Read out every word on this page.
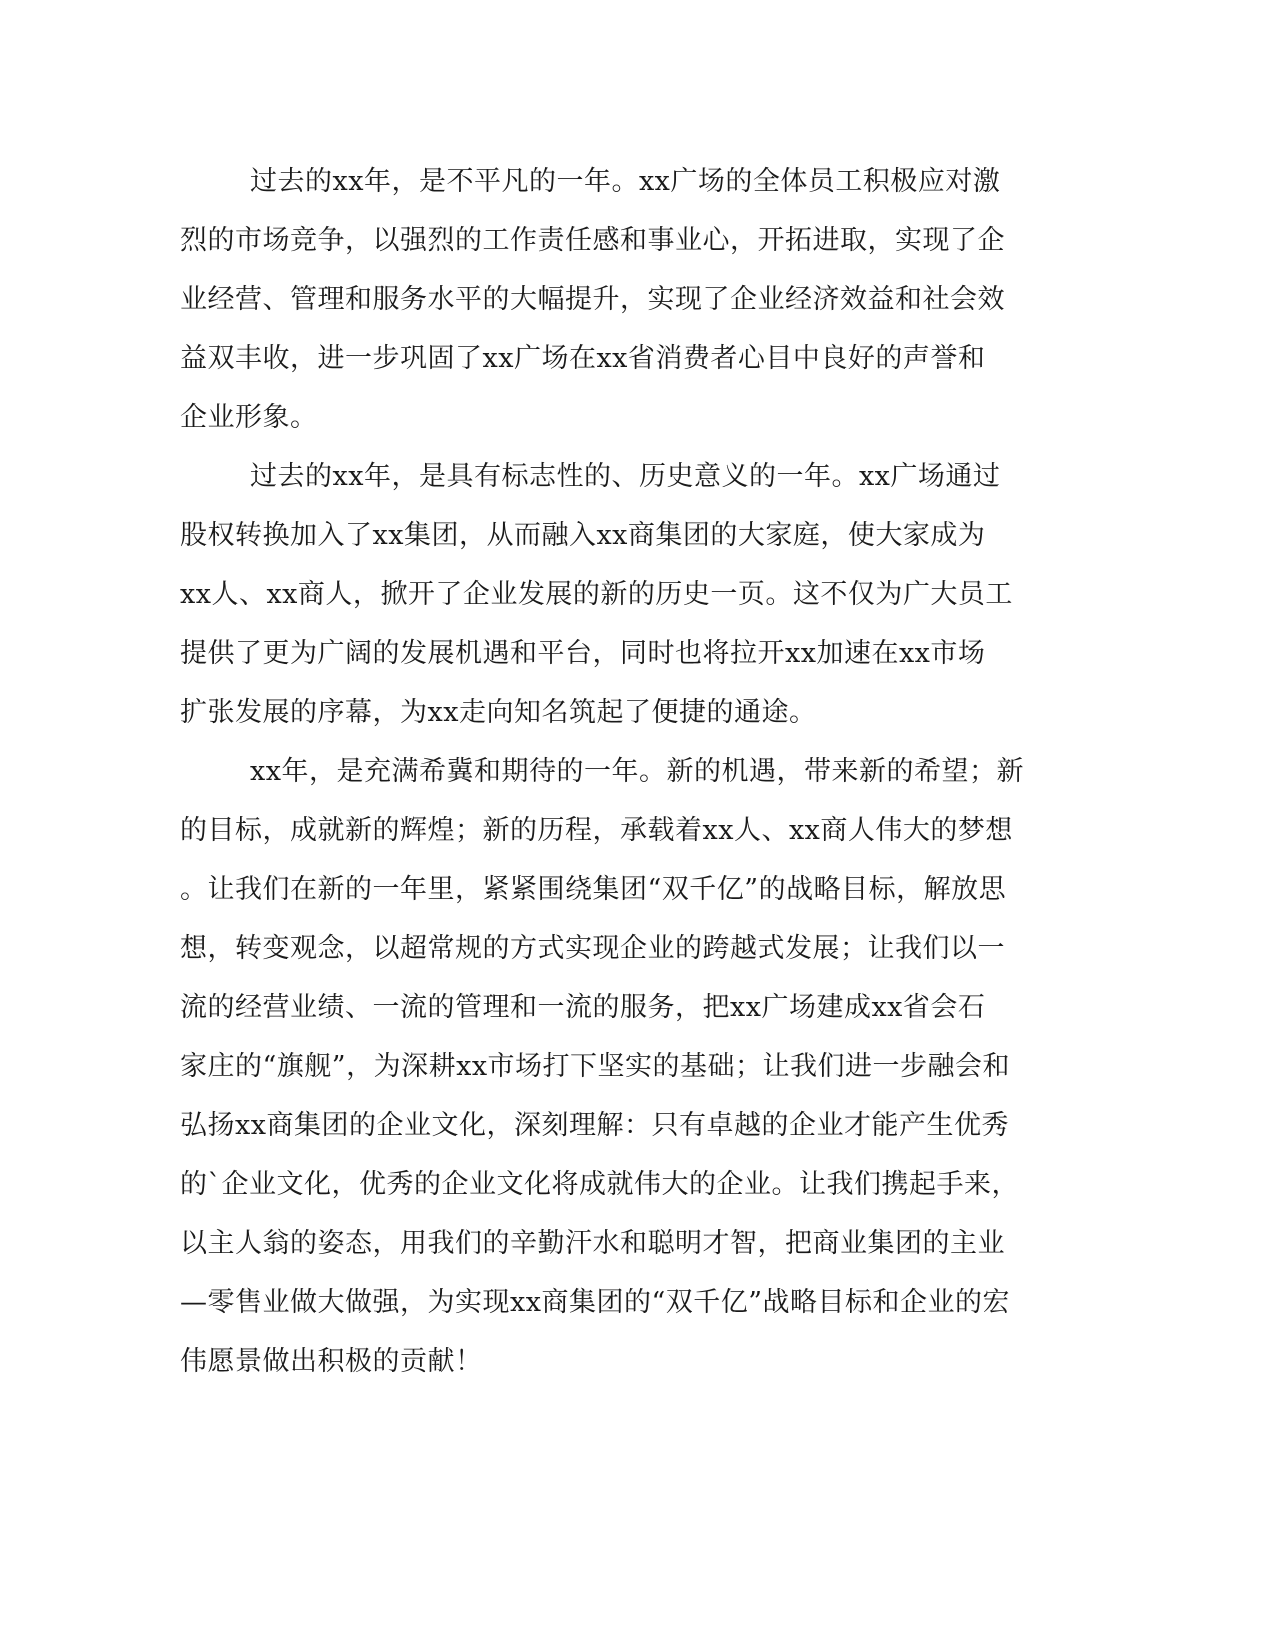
过去的xx年，是不平凡的一年。xx广场的全体员工积极应对激
烈的市场竞争，以强烈的工作责任感和事业心，开拓进取，实现了企
业经营、管理和服务水平的大幅提升，实现了企业经济效益和社会效
益双丰收，进一步巩固了xx广场在xx省消费者心目中良好的声誉和
企业形象。
过去的xx年，是具有标志性的、历史意义的一年。xx广场通过
股权转换加入了xx集团，从而融入xx商集团的大家庭，使大家成为
xx人、xx商人，掀开了企业发展的新的历史一页。这不仅为广大员工
提供了更为广阔的发展机遇和平台，同时也将拉开xx加速在xx市场
扩张发展的序幕，为xx走向知名筑起了便捷的通途。
xx年，是充满希冀和期待的一年。新的机遇，带来新的希望；新
的目标，成就新的辉煌；新的历程，承载着xx人、xx商人伟大的梦想
。让我们在新的一年里，紧紧围绕集团“双千亿”的战略目标，解放思
想，转变观念，以超常规的方式实现企业的跨越式发展；让我们以一
流的经营业绩、一流的管理和一流的服务，把xx广场建成xx省会石
家庄的“旗舰”，为深耕xx市场打下坚实的基础；让我们进一步融会和
弘扬xx商集团的企业文化，深刻理解：只有卓越的企业才能产生优秀
的`企业文化，优秀的企业文化将成就伟大的企业。让我们携起手来，
以主人翁的姿态，用我们的辛勤汗水和聪明才智，把商业集团的主业
—零售业做大做强，为实现xx商集团的“双千亿”战略目标和企业的宏
伟愿景做出积极的贡献！
